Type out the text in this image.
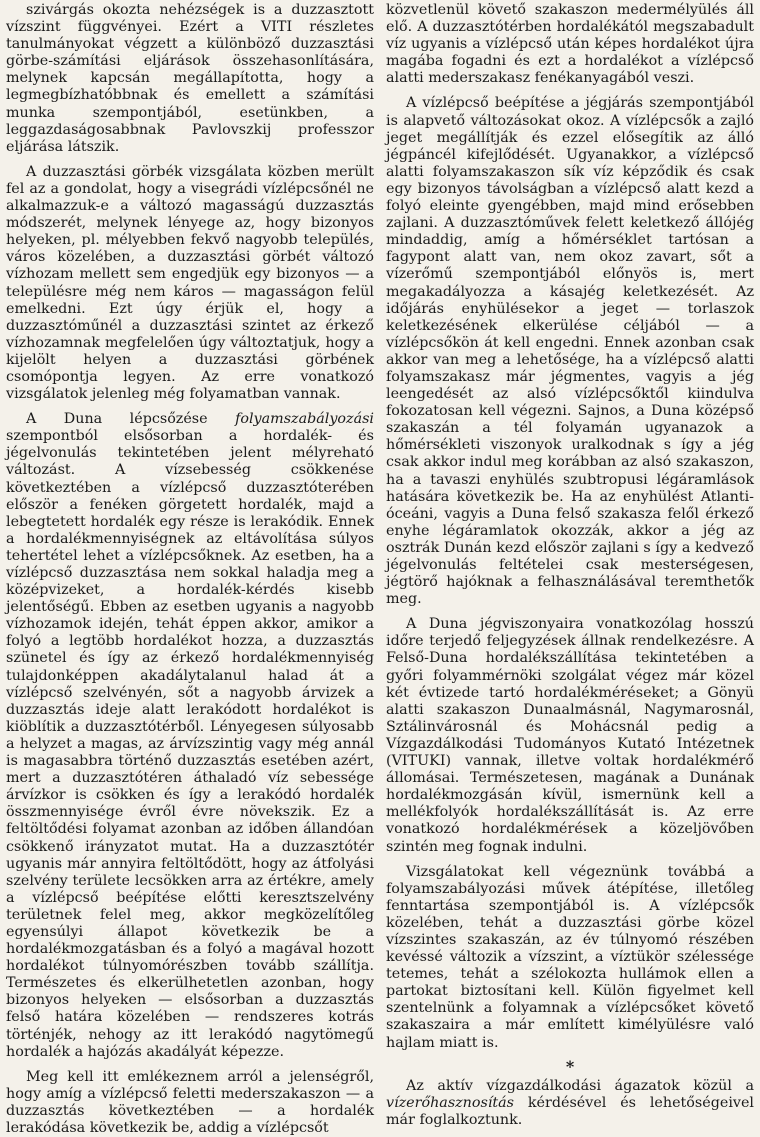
szivárgás okozta nehézségek is a duzzasztott vízszint függvényei. Ezért a VITI részletes tanulmányokat végzett a különböző duzzasztási görbe-számítási eljárások összehasonlítására, melynek kapcsán megállapította, hogy a legmegbízhatóbbnak és emellett a számítási munka szempontjából, esetünkben, a leggazdaságosabbnak Pavlovszkij professzor eljárása látszik.

A duzzasztási görbék vizsgálata közben merült fel az a gondolat, hogy a visegrádi vízlépcsőnél ne alkalmazzuk-e a változó magasságú duzzasztás módszerét, melynek lényege az, hogy bizonyos helyeken, pl. mélyebben fekvő nagyobb település, város közelében, a duzzasztási görbét változó vízhozam mellett sem engedjük egy bizonyos — a településre még nem káros — magasságon felül emelkedni. Ezt úgy érjük el, hogy a duzzasztóműnél a duzzasztási szintet az érkező vízhozamnak megfelelően úgy változtatjuk, hogy a kijelölt helyen a duzzasztási görbének csomópontja legyen. Az erre vonatkozó vizsgálatok jelenleg még folyamatban vannak.

A Duna lépcsőzése folyamszabályozási szempontból elsősorban a hordalék- és jégelvonulás tekintetében jelent mélyreható változást. A vízsebesség csökkenése következtében a vízlépcső duzzasztóterében először a fenéken görgetett hordalék, majd a lebegtetett hordalék egy része is lerakódik. Ennek a hordalékmennyiségnek az eltávolítása súlyos tehertétel lehet a vízlépcsőknek. Az esetben, ha a vízlépcső duzzasztása nem sokkal haladja meg a középvizeket, a hordalék-kérdés kisebb jelentőségű. Ebben az esetben ugyanis a nagyobb vízhozamok idején, tehát éppen akkor, amikor a folyó a legtöbb hordalékot hozza, a duzzasztás szünetel és így az érkező hordalékmennyiség tulajdonképpen akadálytalanul halad át a vízlépcső szelvényén, sőt a nagyobb árvizek a duzzasztás ideje alatt lerakódott hordalékot is kiöblítik a duzzasztótérből. Lényegesen súlyosabb a helyzet a magas, az árvízszintig vagy még annál is magasabbra történő duzzasztás esetében azért, mert a duzzasztótéren áthaladó víz sebessége árvízkor is csökken és így a lerakódó hordalék összmennyisége évről évre növekszik. Ez a feltöltődési folyamat azonban az időben állandóan csökkenő irányzatot mutat. Ha a duzzasztótér ugyanis már annyira feltöltődött, hogy az átfolyási szelvény területe lecsökken arra az értékre, amely a vízlépcső beépítése előtti keresztszelvény területnek felel meg, akkor megközelítőleg egyensúlyi állapot következik be a hordalékmozgatásban és a folyó a magával hozott hordalékot túlnyomórészben tovább szállítja. Természetes és elkerülhetetlen azonban, hogy bizonyos helyeken — elsősorban a duzzasztás felső határa közelében — rendszeres kotrás történjék, nehogy az itt lerakódó nagytömegű hordalék a hajózás akadályát képezze.

Meg kell itt emlékeznem arról a jelenségről, hogy amíg a vízlépcső feletti mederszakaszon — a duzzasztás következtében — a hordalék lerakódása következik be, addig a vízlépcsőt

közvetlenül követő szakaszon medermélyülés áll elő. A duzzasztótérben hordalékától megszabadult víz ugyanis a vízlépcső után képes hordalékot újra magába fogadni és ezt a hordalékot a vízlépcső alatti mederszakasz fenékanyagából veszi.

A vízlépcső beépítése a jégjárás szempontjából is alapvető változásokat okoz. A vízlépcsők a zajló jeget megállítják és ezzel elősegítik az álló jégpáncél kifejlődését. Ugyanakkor, a vízlépcső alatti folyamszakaszon sík víz képződik és csak egy bizonyos távolságban a vízlépcső alatt kezd a folyó eleinte gyengébben, majd mind erősebben zajlani. A duzzasztóművek felett keletkező állójég mindaddig, amíg a hőmérséklet tartósan a fagypont alatt van, nem okoz zavart, sőt a vízerőmű szempontjából előnyös is, mert megakadályozza a kásajég keletkezését. Az időjárás enyhülésekor a jeget — torlaszok keletkezésének elkerülése céljából — a vízlépcsőkön át kell engedni. Ennek azonban csak akkor van meg a lehetősége, ha a vízlépcső alatti folyamszakasz már jégmentes, vagyis a jég leengedését az alsó vízlépcsőktől kiindulva fokozatosan kell végezni. Sajnos, a Duna középső szakaszán a tél folyamán ugyanazok a hőmérsékleti viszonyok uralkodnak s így a jég csak akkor indul meg korábban az alsó szakaszon, ha a tavaszi enyhülés szubtropusi légáramlások hatására következik be. Ha az enyhülést Atlanti-óceáni, vagyis a Duna felső szakasza felől érkező enyhe légáramlatok okozzák, akkor a jég az osztrák Dunán kezd először zajlani s így a kedvező jégelvonulás feltételei csak mesterségesen, jégtörő hajóknak a felhasználásával teremthetők meg.

A Duna jégviszonyaira vonatkozólag hosszú időre terjedő feljegyzések állnak rendelkezésre. A Felső-Duna hordalékszállítása tekintetében a győri folyammérnöki szolgálat végez már közel két évtizede tartó hordalékméréseket; a Gönyü alatti szakaszon Dunaalmásnál, Nagymarosnál, Sztálinvárosnál és Mohácsnál pedig a Vízgazdálkodási Tudományos Kutató Intézetnek (VITUKI) vannak, illetve voltak hordalékmérő állomásai. Természetesen, magának a Dunának hordalékmozgásán kívül, ismernünk kell a mellékfolyók hordalékszállítását is. Az erre vonatkozó hordalékmérések a közeljövőben szintén meg fognak indulni.

Vizsgálatokat kell végeznünk továbbá a folyamszabályozási művek átépítése, illetőleg fenntartása szempontjából is. A vízlépcsők közelében, tehát a duzzasztási görbe közel vízszintes szakaszán, az év túlnyomó részében kevéssé változik a vízszint, a víztükör szélessége tetemes, tehát a szélokozta hullámok ellen a partokat biztosítani kell. Külön figyelmet kell szentelnünk a folyamnak a vízlépcsőket követő szakaszaira a már említett kimélyülésre való hajlam miatt is.

*

Az aktív vízgazdálkodási ágazatok közül a vízerőhasznosítás kérdésével és lehetőségeivel már foglalkoztunk.
